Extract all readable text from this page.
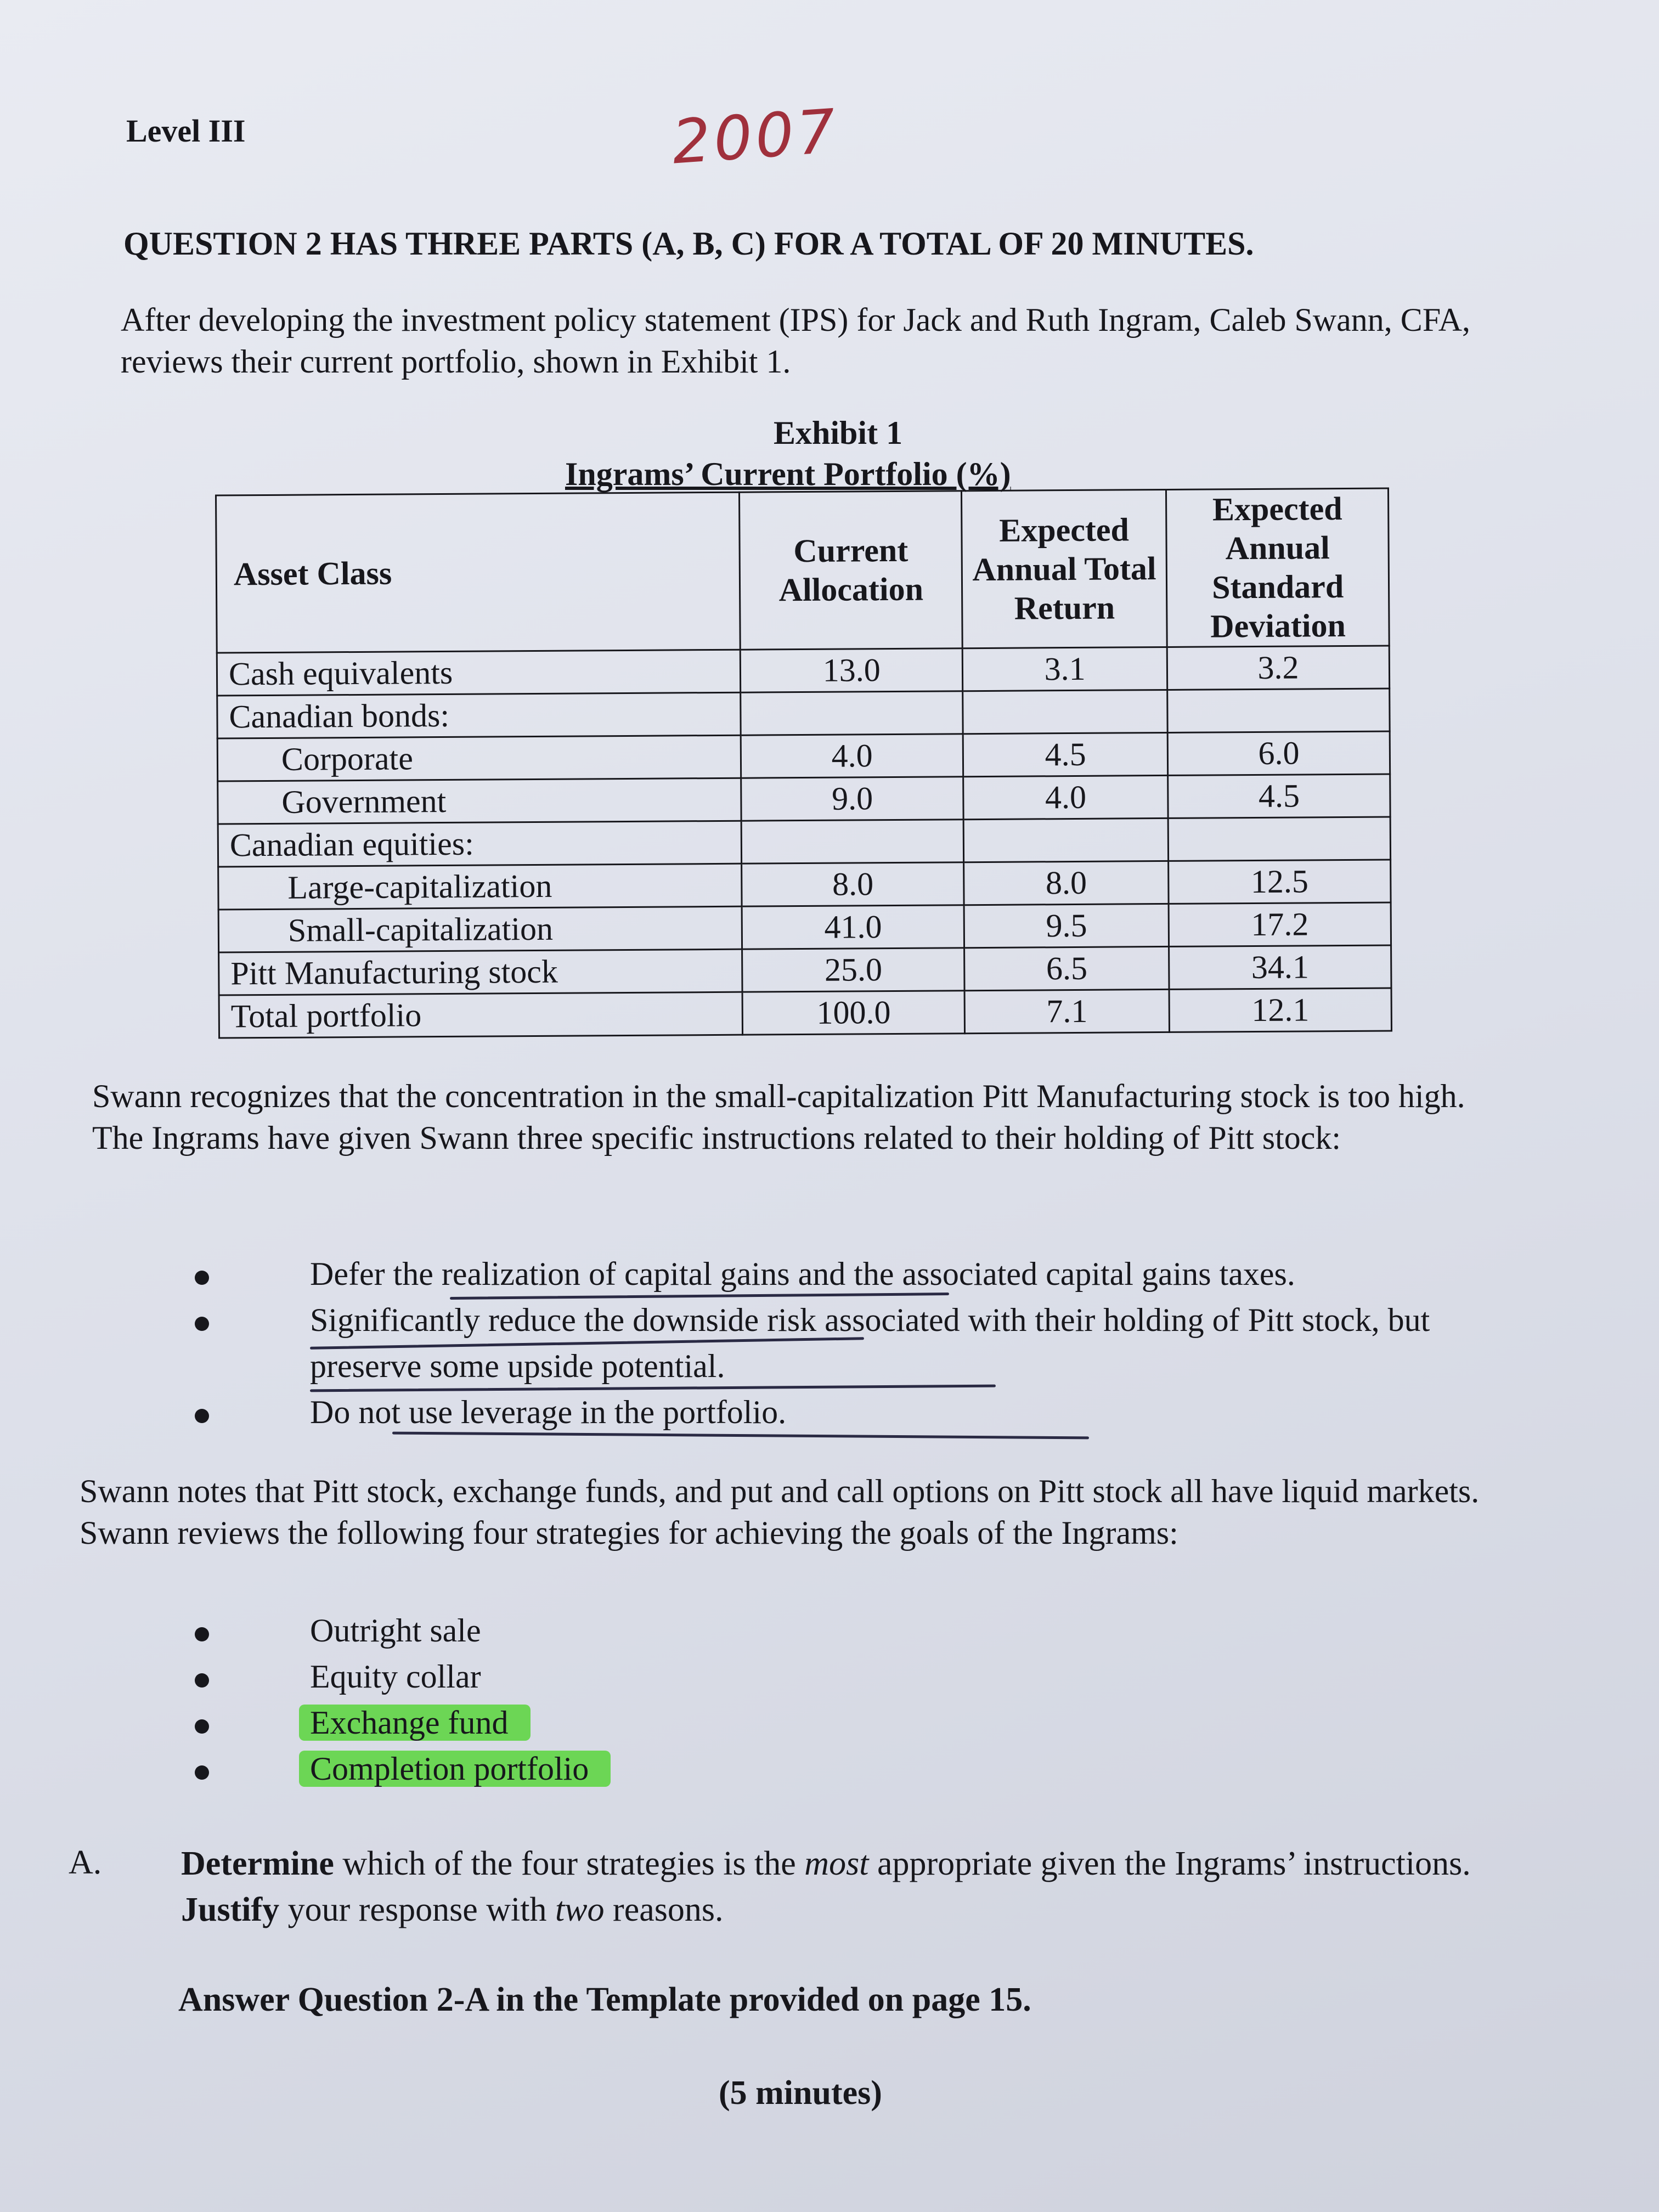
Level III	2007
QUESTION 2 HAS THREE PARTS (A, B, C) FOR A TOTAL OF 20 MINUTES.
After developing the investment policy statement (IPS) for Jack and Ruth Ingram, Caleb Swann, CFA, reviews their current portfolio, shown in Exhibit 1.
Exhibit 1
Ingrams’ Current Portfolio (%)
Asset Class	Current Allocation	Expected Annual Total Return	Expected Annual Standard Deviation
Cash equivalents	13.0	3.1	3.2
Canadian bonds:			
Corporate	4.0	4.5	6.0
Government	9.0	4.0	4.5
Canadian equities:			
Large-capitalization	8.0	8.0	12.5
Small-capitalization	41.0	9.5	17.2
Pitt Manufacturing stock	25.0	6.5	34.1
Total portfolio	100.0	7.1	12.1
Swann recognizes that the concentration in the small-capitalization Pitt Manufacturing stock is too high. The Ingrams have given Swann three specific instructions related to their holding of Pitt stock:
Defer the realization of capital gains and the associated capital gains taxes.
Significantly reduce the downside risk associated with their holding of Pitt stock, but preserve some upside potential.
Do not use leverage in the portfolio.
Swann notes that Pitt stock, exchange funds, and put and call options on Pitt stock all have liquid markets. Swann reviews the following four strategies for achieving the goals of the Ingrams:
Outright sale
Equity collar
Exchange fund
Completion portfolio
A. Determine which of the four strategies is the most appropriate given the Ingrams’ instructions. Justify your response with two reasons.
Answer Question 2-A in the Template provided on page 15.
(5 minutes)
